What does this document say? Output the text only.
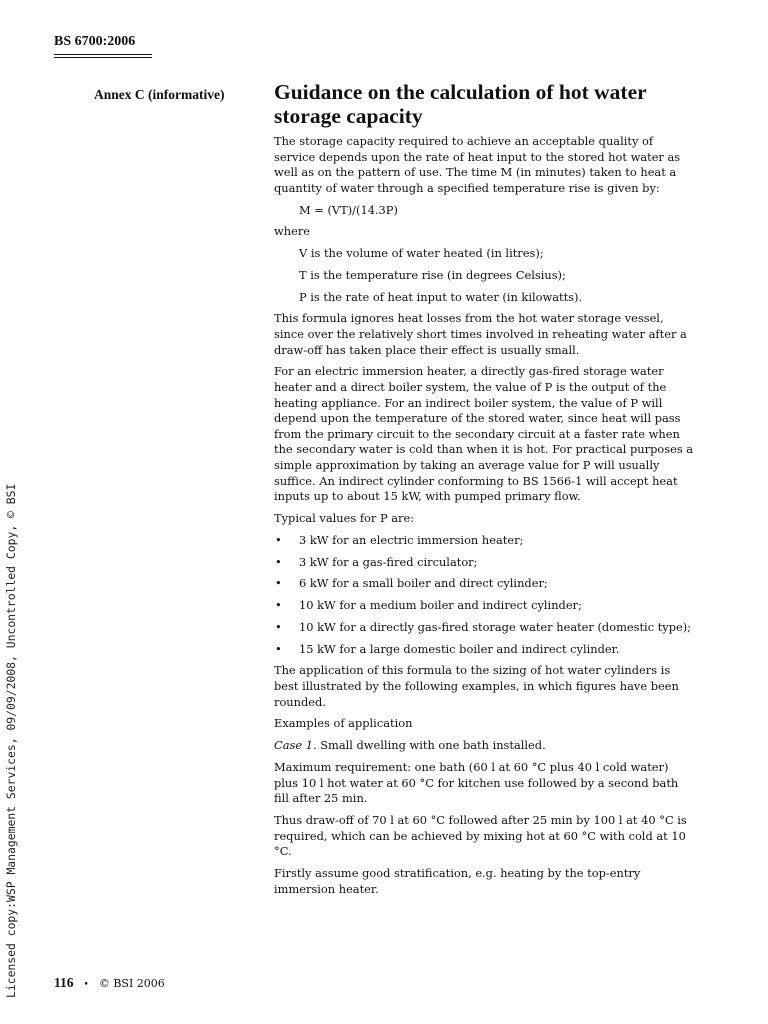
BS 6700:2006
Annex C (informative) Guidance on the calculation of hot water storage capacity

The storage capacity required to achieve an acceptable quality of service depends upon the rate of heat input to the stored hot water as well as on the pattern of use. The time M (in minutes) taken to heat a quantity of water through a specified temperature rise is given by:

M = (VT)/(14.3P)

where

V is the volume of water heated (in litres);

T is the temperature rise (in degrees Celsius);

P is the rate of heat input to water (in kilowatts).

This formula ignores heat losses from the hot water storage vessel, since over the relatively short times involved in reheating water after a draw-off has taken place their effect is usually small.

For an electric immersion heater, a directly gas-fired storage water heater and a direct boiler system, the value of P is the output of the heating appliance. For an indirect boiler system, the value of P will depend upon the temperature of the stored water, since heat will pass from the primary circuit to the secondary circuit at a faster rate when the secondary water is cold than when it is hot. For practical purposes a simple approximation by taking an average value for P will usually suffice. An indirect cylinder conforming to BS 1566-1 will accept heat inputs up to about 15 kW, with pumped primary flow.

Typical values for P are:

• 3 kW for an electric immersion heater;
• 3 kW for a gas-fired circulator;
• 6 kW for a small boiler and direct cylinder;
• 10 kW for a medium boiler and indirect cylinder;
• 10 kW for a directly gas-fired storage water heater (domestic type);
• 15 kW for a large domestic boiler and indirect cylinder.

The application of this formula to the sizing of hot water cylinders is best illustrated by the following examples, in which figures have been rounded.

Examples of application

Case 1. Small dwelling with one bath installed.

Maximum requirement: one bath (60 l at 60 °C plus 40 l cold water) plus 10 l hot water at 60 °C for kitchen use followed by a second bath fill after 25 min.

Thus draw-off of 70 l at 60 °C followed after 25 min by 100 l at 40 °C is required, which can be achieved by mixing hot at 60 °C with cold at 10 °C.

Firstly assume good stratification, e.g. heating by the top-entry immersion heater.

Licensed copy:WSP Management Services, 09/09/2008, Uncontrolled Copy, © BSI	116 • © BSI 2006
